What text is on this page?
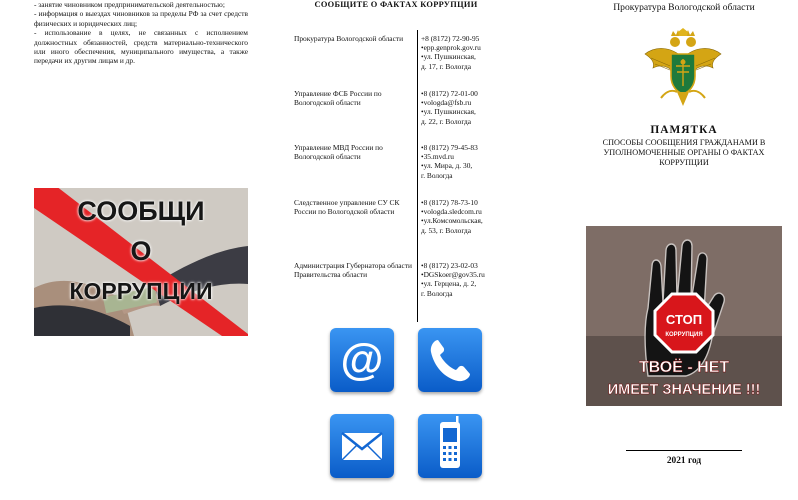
- занятие чиновником предпринимательской деятельностью;
- информация о выездах чиновников за пределы РФ за счет средств физических и юридических лиц;
- использование в целях, не связанных с исполнением должностных обязанностей, средств материально-технического или иного обеспечения, муниципального имущества, а также передачи их другим лицам и др.
СООБЩИ
О
КОРРУПЦИИ
СООБЩИТЕ О ФАКТАХ КОРРУПЦИИ
Прокуратура Вологодской области	+8 (8172) 72-90-95
•epp.genprok.gov.ru
•ул. Пушкинская,
д. 17, г. Вологда
Управление ФСБ России по Вологодской области
•8 (8172) 72-01-00
•vologda@fsb.ru
•ул. Пушкинская,
д. 22, г. Вологда
Управление МВД России по Вологодской области
•8 (8172) 79-45-83
•35.mvd.ru
•ул. Мира, д. 30,
г. Вологда
Следственное управление СУ СК России по Вологодской области
•8 (8172) 78-73-10
•vologda.sledcom.ru
•ул.Комсомольская,
д. 53, г. Вологда
Администрация Губернатора области Правительства области
•8 (8172) 23-02-03
•DGSkoer@gov35.ru
•ул. Герцена, д. 2,
г. Вологда
@
Прокуратура Вологодской области
ПАМЯТКА
СПОСОБЫ СООБЩЕНИЯ ГРАЖДАНАМИ В УПОЛНОМОЧЕННЫЕ ОРГАНЫ О ФАКТАХ КОРРУПЦИИ
СТОП
КОРРУПЦИЯ
ТВОЁ - НЕТ
ИМЕЕТ ЗНАЧЕНИЕ !!!
2021 год
